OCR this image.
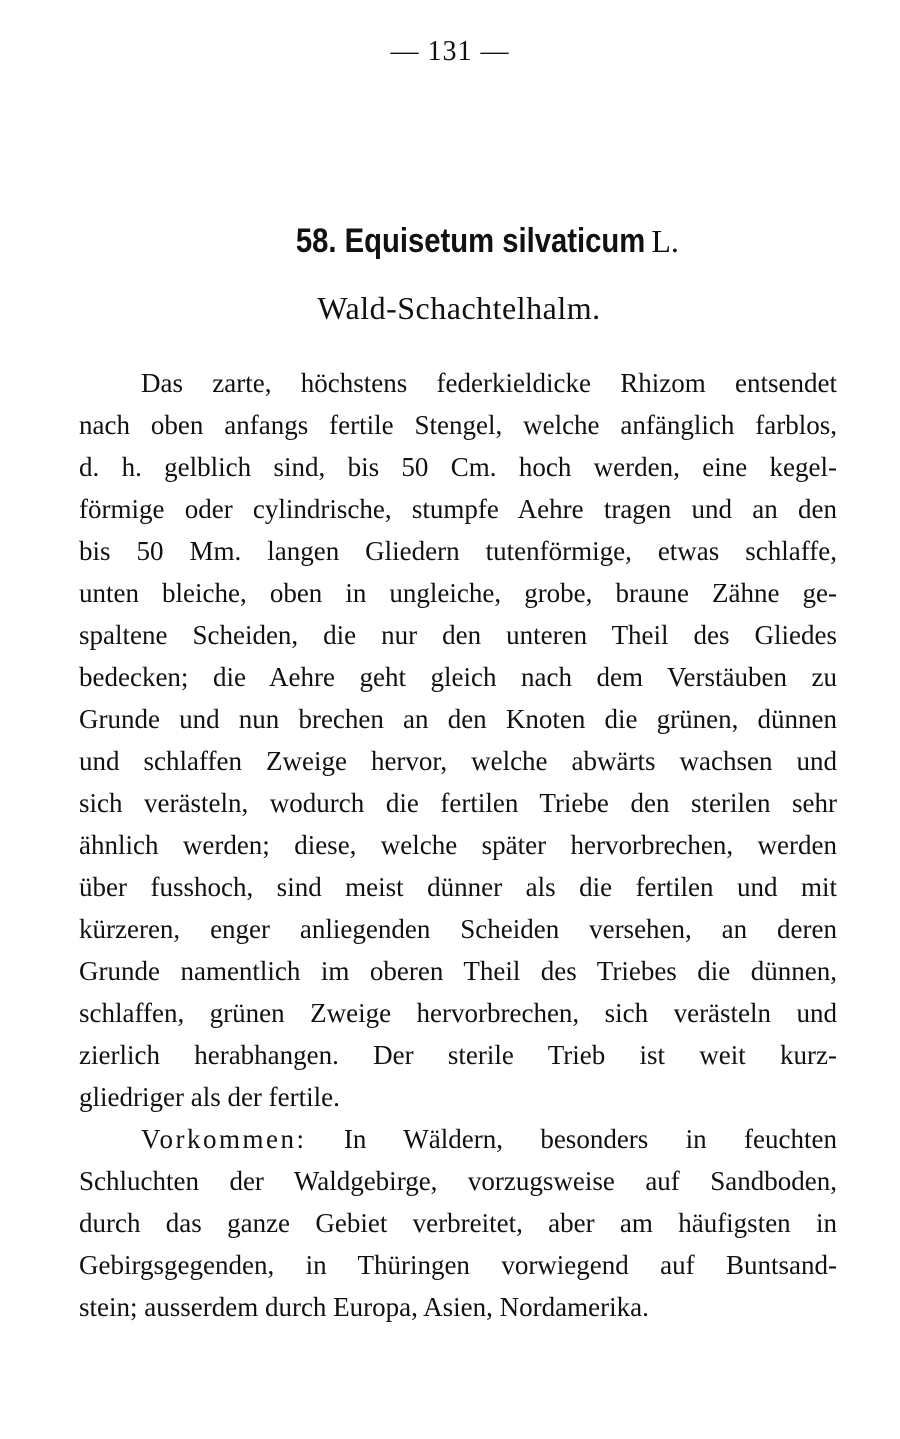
— 131 —
58. Equisetum silvaticum L.
Wald-Schachtelhalm.
Das zarte, höchstens federkieldicke Rhizom entsendet
nach oben anfangs fertile Stengel, welche anfänglich farblos,
d. h. gelblich sind, bis 50 Cm. hoch werden, eine kegel-
förmige oder cylindrische, stumpfe Aehre tragen und an den
bis 50 Mm. langen Gliedern tutenförmige, etwas schlaffe,
unten bleiche, oben in ungleiche, grobe, braune Zähne ge-
spaltene Scheiden, die nur den unteren Theil des Gliedes
bedecken; die Aehre geht gleich nach dem Verstäuben zu
Grunde und nun brechen an den Knoten die grünen, dünnen
und schlaffen Zweige hervor, welche abwärts wachsen und
sich verästeln, wodurch die fertilen Triebe den sterilen sehr
ähnlich werden; diese, welche später hervorbrechen, werden
über fusshoch, sind meist dünner als die fertilen und mit
kürzeren, enger anliegenden Scheiden versehen, an deren
Grunde namentlich im oberen Theil des Triebes die dünnen,
schlaffen, grünen Zweige hervorbrechen, sich verästeln und
zierlich herabhangen. Der sterile Trieb ist weit kurz-
gliedriger als der fertile.
Vorkommen: In Wäldern, besonders in feuchten
Schluchten der Waldgebirge, vorzugsweise auf Sandboden,
durch das ganze Gebiet verbreitet, aber am häufigsten in
Gebirgsgegenden, in Thüringen vorwiegend auf Buntsand-
stein; ausserdem durch Europa, Asien, Nordamerika.
